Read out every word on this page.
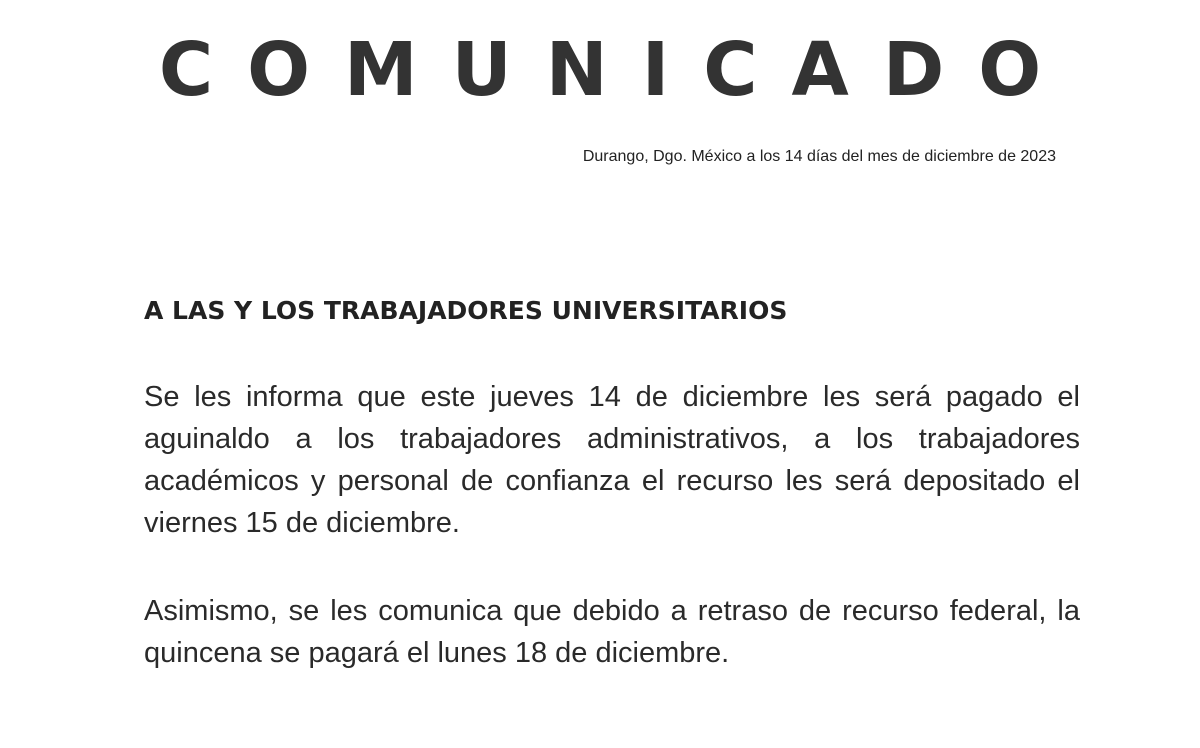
COMUNICADO
Durango, Dgo. México a los 14 días del mes de diciembre de 2023
A LAS Y LOS TRABAJADORES UNIVERSITARIOS

Se les informa que este jueves 14 de diciembre les será pagado el aguinaldo a los trabajadores administrativos, a los trabajadores académicos y personal de confianza el recurso les será depositado el viernes 15 de diciembre.

Asimismo, se les comunica que debido a retraso de recurso federal, la quincena se pagará el lunes 18 de diciembre.
